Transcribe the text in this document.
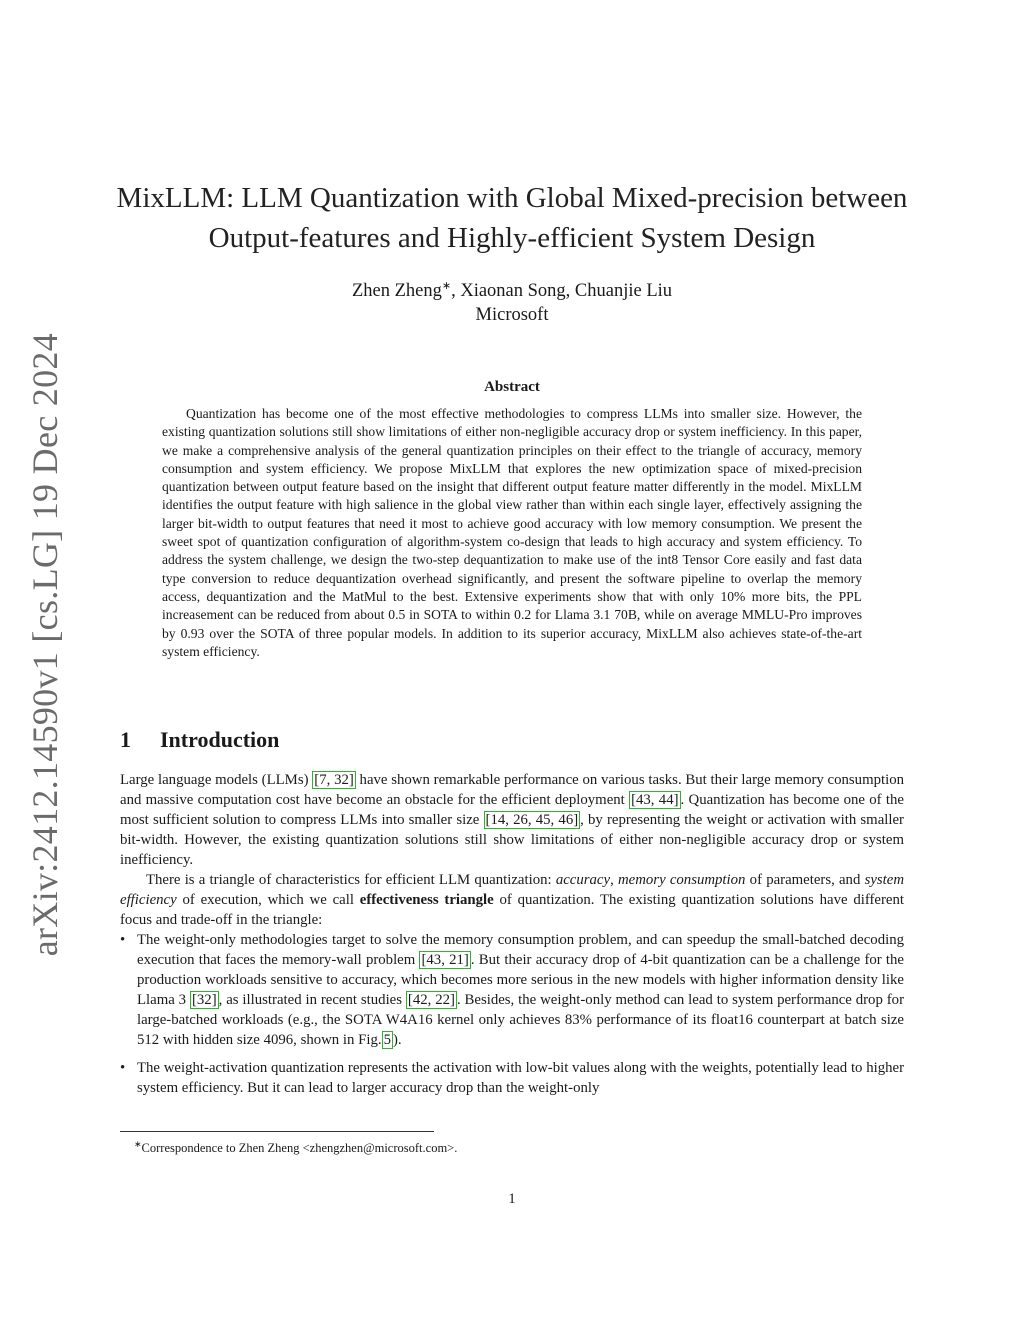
arXiv:2412.14590v1 [cs.LG] 19 Dec 2024
MixLLM: LLM Quantization with Global Mixed-precision between
Output-features and Highly-efficient System Design
Zhen Zheng∗, Xiaonan Song, Chuanjie Liu
Microsoft
Abstract
Quantization has become one of the most effective methodologies to compress LLMs into smaller size. However, the existing quantization solutions still show limitations of either non-negligible accuracy drop or system inefficiency. In this paper, we make a comprehensive analysis of the general quantization principles on their effect to the triangle of accuracy, memory consumption and system efficiency. We propose MixLLM that explores the new optimization space of mixed-precision quantization between output feature based on the insight that different output feature matter differently in the model. MixLLM identifies the output feature with high salience in the global view rather than within each single layer, effectively assigning the larger bit-width to output features that need it most to achieve good accuracy with low memory consumption. We present the sweet spot of quantization configuration of algorithm-system co-design that leads to high accuracy and system efficiency. To address the system challenge, we design the two-step dequantization to make use of the int8 Tensor Core easily and fast data type conversion to reduce dequantization overhead significantly, and present the software pipeline to overlap the memory access, dequantization and the MatMul to the best. Extensive experiments show that with only 10% more bits, the PPL increasement can be reduced from about 0.5 in SOTA to within 0.2 for Llama 3.1 70B, while on average MMLU-Pro improves by 0.93 over the SOTA of three popular models. In addition to its superior accuracy, MixLLM also achieves state-of-the-art system efficiency.
1 Introduction
Large language models (LLMs) [7, 32] have shown remarkable performance on various tasks. But their large memory consumption and massive computation cost have become an obstacle for the efficient deployment [43, 44] . Quantization has become one of the most sufficient solution to compress LLMs into smaller size [14, 26, 45, 46] , by representing the weight or activation with smaller bit-width. However, the existing quantization solutions still show limitations of either non-negligible accuracy drop or system inefficiency.
There is a triangle of characteristics for efficient LLM quantization: accuracy, memory consumption of parameters, and system efficiency of execution, which we call effectiveness triangle of quantization. The existing quantization solutions have different focus and trade-off in the triangle:
• The weight-only methodologies target to solve the memory consumption problem, and can speedup the small-batched decoding execution that faces the memory-wall problem [43, 21] . But their accuracy drop of 4-bit quantization can be a challenge for the production workloads sensitive to accuracy, which becomes more serious in the new models with higher information density like Llama 3 [32] , as illustrated in recent studies [42, 22] . Besides, the weight-only method can lead to system performance drop for large-batched workloads (e.g., the SOTA W4A16 kernel only achieves 83% performance of its float16 counterpart at batch size 512 with hidden size 4096, shown in Fig. 5 ).
• The weight-activation quantization represents the activation with low-bit values along with the weights, potentially lead to higher system efficiency. But it can lead to larger accuracy drop than the weight-only
∗Correspondence to Zhen Zheng <zhengzhen@microsoft.com>.
1
